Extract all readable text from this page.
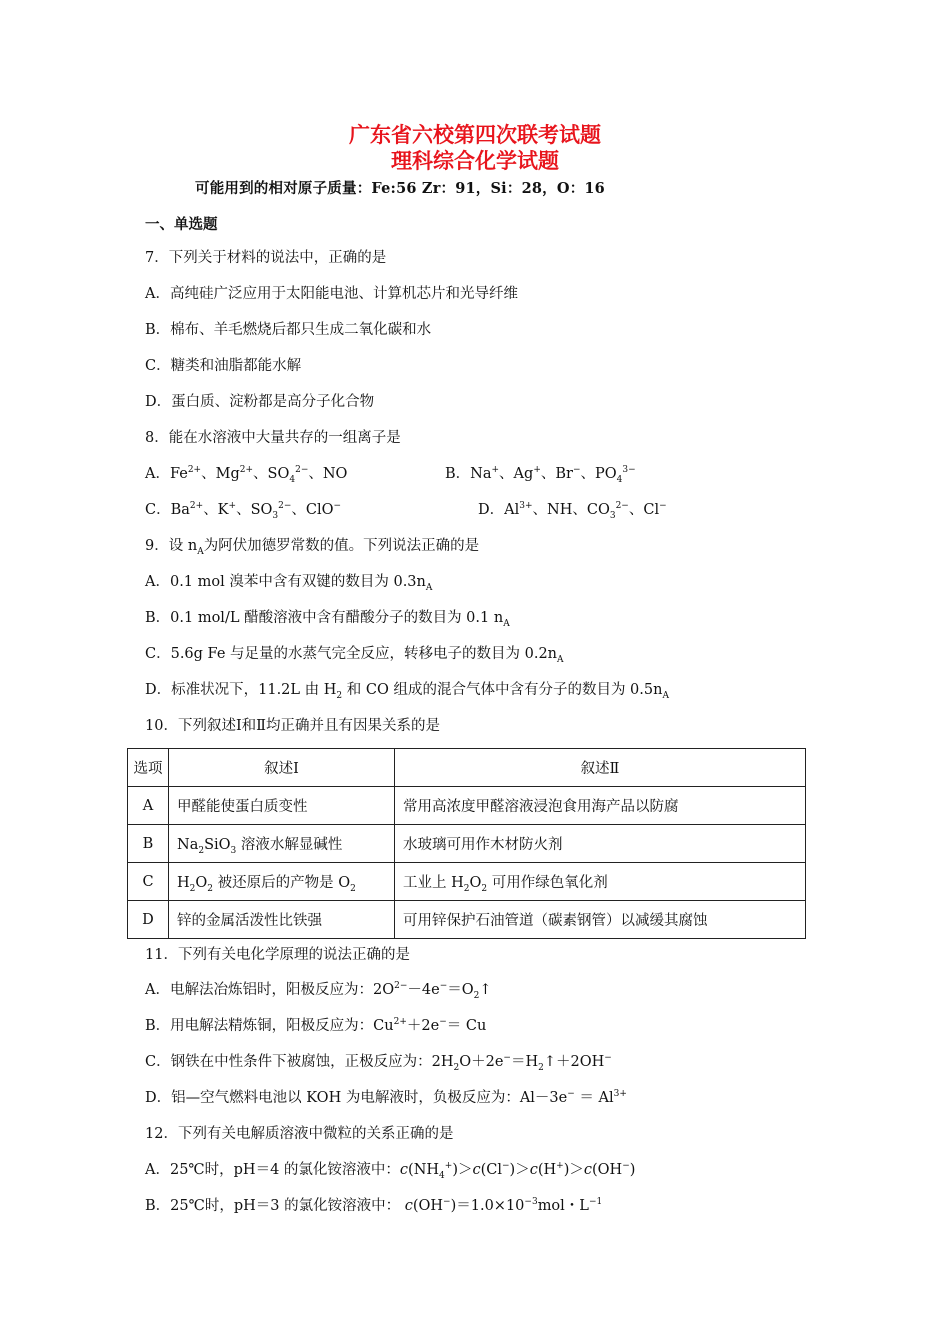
广东省六校第四次联考试题
理科综合化学试题
可能用到的相对原子质量：Fe:56 Zr：91，Si：28，O：16
一、单选题
7．下列关于材料的说法中，正确的是
A．高纯硅广泛应用于太阳能电池、计算机芯片和光导纤维
B．棉布、羊毛燃烧后都只生成二氧化碳和水
C．糖类和油脂都能水解
D．蛋白质、淀粉都是高分子化合物
8．能在水溶液中大量共存的一组离子是
A．$Fe^{2+}$、$Mg^{2+}$、$SO_4^{2-}$、NO	B．Na+、Ag+、Br−、$PO_4^{3-}$
C．$Ba^{2+}$、K+、$SO_3^{2-}$、ClO−	D．$Al^{3+}$、NH、$CO_3^{2-}$、Cl−
9．设 $n_A$为阿伏加德罗常数的值。下列说法正确的是
A．0.1 mol 溴苯中含有双键的数目为 $0.3n_A$
B．0.1 mol/L 醋酸溶液中含有醋酸分子的数目为 0.1 $n_A$
C．5.6g Fe 与足量的水蒸气完全反应，转移电子的数目为 $0.2n_A$
D．标准状况下，11.2L 由 $H_2$ 和 CO 组成的混合气体中含有分子的数目为 $0.5n_A$
10．下列叙述Ⅰ和Ⅱ均正确并且有因果关系的是
选项	叙述Ⅰ	叙述Ⅱ
A	甲醛能使蛋白质变性	常用高浓度甲醛溶液浸泡食用海产品以防腐
B	$Na_2SiO_3$ 溶液水解显碱性	水玻璃可用作木材防火剂
C	$H_2O_2$ 被还原后的产物是 $O_2$	工业上 $H_2O_2$ 可用作绿色氧化剂
D	锌的金属活泼性比铁强	可用锌保护石油管道（碳素钢管）以减缓其腐蚀
11．下列有关电化学原理的说法正确的是
A．电解法冶炼铝时，阳极反应为：$2O^{2-}-4e^-=O_2↑$
B．用电解法精炼铜，阳极反应为：$Cu^{2+}+2e^-= Cu$
C．钢铁在中性条件下被腐蚀，正极反应为：$2H_2O+2e^-=H_2↑+2OH^-$
D．铝—空气燃料电池以 KOH 为电解液时，负极反应为：$Al-3e^- = Al^{3+}$
12．下列有关电解质溶液中微粒的关系正确的是
A．25℃时，pH＝4 的氯化铵溶液中：$c(NH_4^+)>c(Cl^-)>c(H^+)>c(OH^-)$
B．25℃时，pH＝3 的氯化铵溶液中： $c(OH^-)=1.0\times 10^{-3}mol$・$L^{-1}$
